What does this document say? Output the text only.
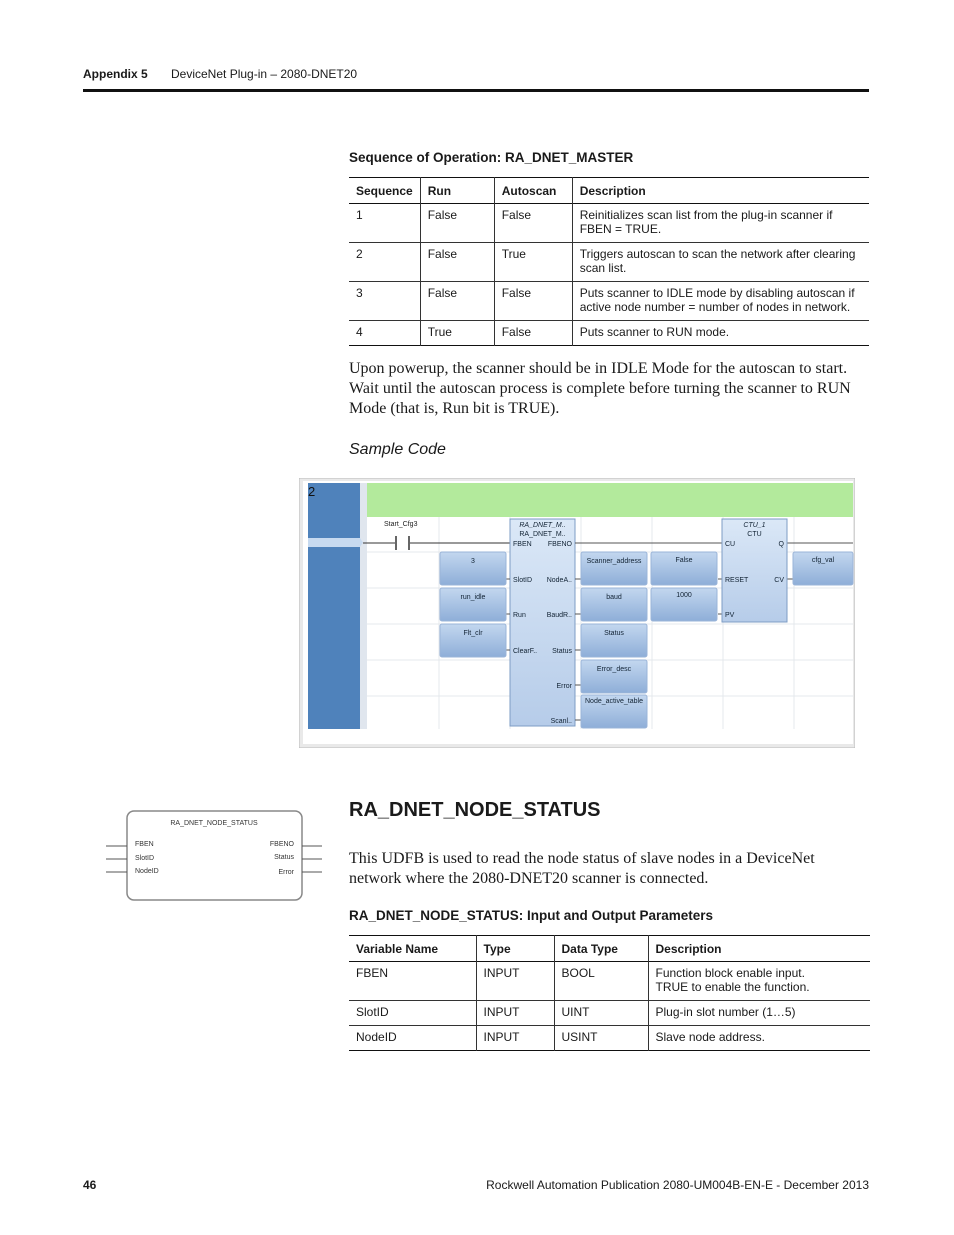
Appendix 5 DeviceNet Plug-in – 2080-DNET20
Sequence of Operation: RA_DNET_MASTER
Sequence	Run	Autoscan	Description
1	False	False	Reinitializes scan list from the plug-in scanner if FBEN = TRUE.
2	False	True	Triggers autoscan to scan the network after clearing scan list.
3	False	False	Puts scanner to IDLE mode by disabling autoscan if active node number = number of nodes in network.
4	True	False	Puts scanner to RUN mode.
Upon powerup, the scanner should be in IDLE Mode for the autoscan to start. Wait until the autoscan process is complete before turning the scanner to RUN Mode (that is, Run bit is TRUE).
Sample Code
2
Start_Cfg3	RA_DNET_M..
RA_DNET_M..
FBEN
SlotID
Run
ClearF..
FBENO
NodeA..
BaudR..
Status
Error
Scanl..
3
run_idle
Flt_clr
Scanner_address
baud
Status
Error_desc
Node_active_table
False
1000
CTU_1
CTU
CU
RESET
PV
Q
CV
cfg_val
RA_DNET_NODE_STATUS
FBEN
SlotID
NodeID
FBENO
Status
Error
RA_DNET_NODE_STATUS
This UDFB is used to read the node status of slave nodes in a DeviceNet network where the 2080-DNET20 scanner is connected.
RA_DNET_NODE_STATUS: Input and Output Parameters
Variable Name	Type	Data Type	Description
FBEN	INPUT	BOOL	Function block enable input.
TRUE to enable the function.
SlotID	INPUT	UINT	Plug-in slot number (1…5)
NodeID	INPUT	USINT	Slave node address.
46	Rockwell Automation Publication 2080-UM004B-EN-E - December 2013
